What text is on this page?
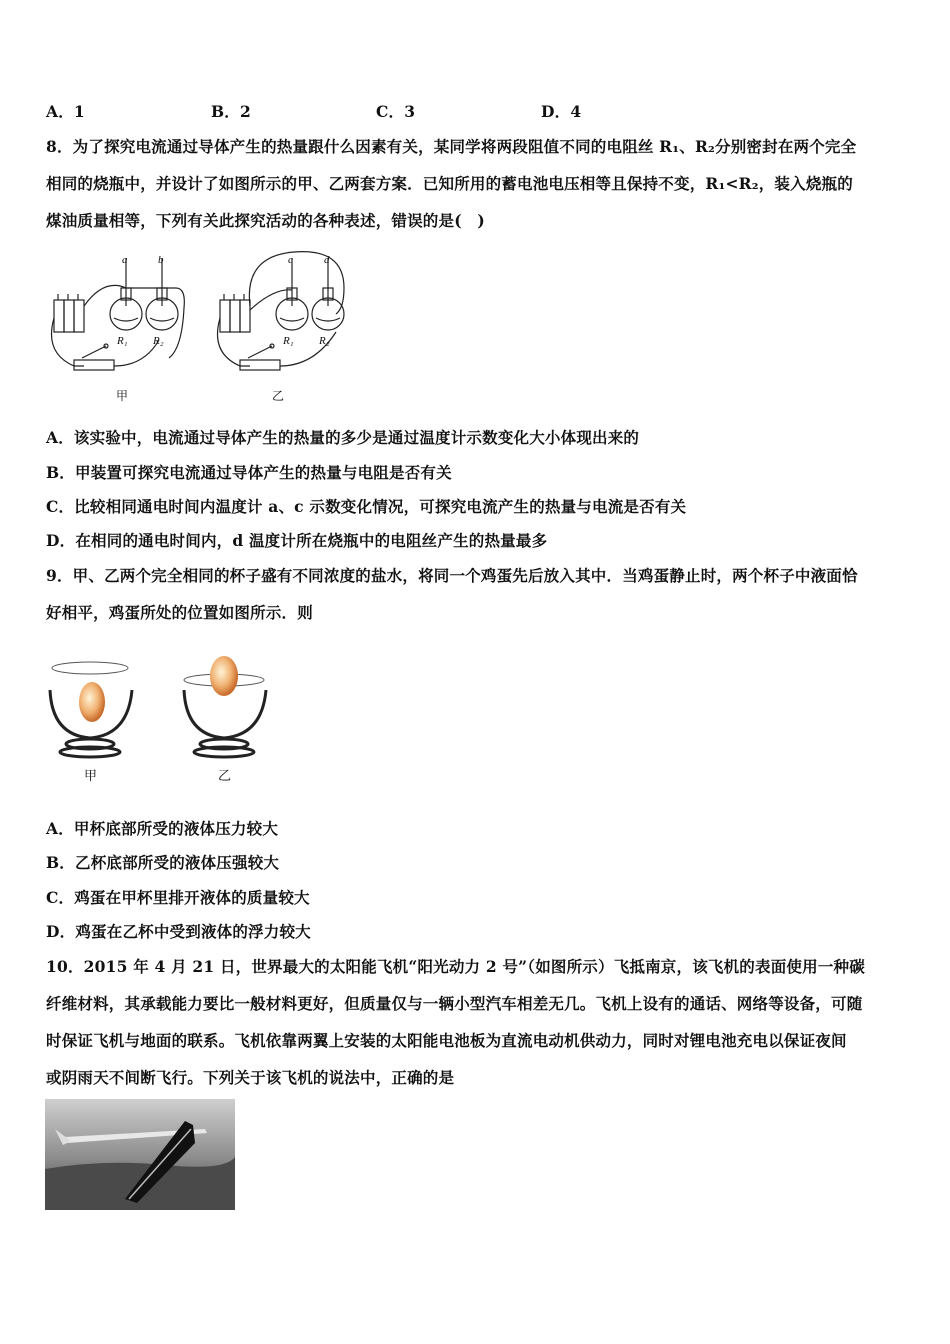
A．1	B．2	C．3	D．4
8．为了探究电流通过导体产生的热量跟什么因素有关，某同学将两段阻值不同的电阻丝 R₁、R₂分别密封在两个完全
相同的烧瓶中，并设计了如图所示的甲、乙两套方案．已知所用的蓄电池电压相等且保持不变，R₁<R₂，装入烧瓶的
煤油质量相等，下列有关此探究活动的各种表述，错误的是(　)
a	b	c	d
R₁ R₂	R₁ R₂
甲	乙
A．该实验中，电流通过导体产生的热量的多少是通过温度计示数变化大小体现出来的
B．甲装置可探究电流通过导体产生的热量与电阻是否有关
C．比较相同通电时间内温度计 a、c 示数变化情况，可探究电流产生的热量与电流是否有关
D．在相同的通电时间内，d 温度计所在烧瓶中的电阻丝产生的热量最多
9．甲、乙两个完全相同的杯子盛有不同浓度的盐水，将同一个鸡蛋先后放入其中．当鸡蛋静止时，两个杯子中液面恰
好相平，鸡蛋所处的位置如图所示．则
甲	乙
A．甲杯底部所受的液体压力较大
B．乙杯底部所受的液体压强较大
C．鸡蛋在甲杯里排开液体的质量较大
D．鸡蛋在乙杯中受到液体的浮力较大
10．2015 年 4 月 21 日，世界最大的太阳能飞机“阳光动力 2 号”（如图所示）飞抵南京，该飞机的表面使用一种碳
纤维材料，其承载能力要比一般材料更好，但质量仅与一辆小型汽车相差无几。飞机上设有的通话、网络等设备，可随
时保证飞机与地面的联系。飞机依靠两翼上安装的太阳能电池板为直流电动机供动力，同时对锂电池充电以保证夜间
或阴雨天不间断飞行。下列关于该飞机的说法中，正确的是
